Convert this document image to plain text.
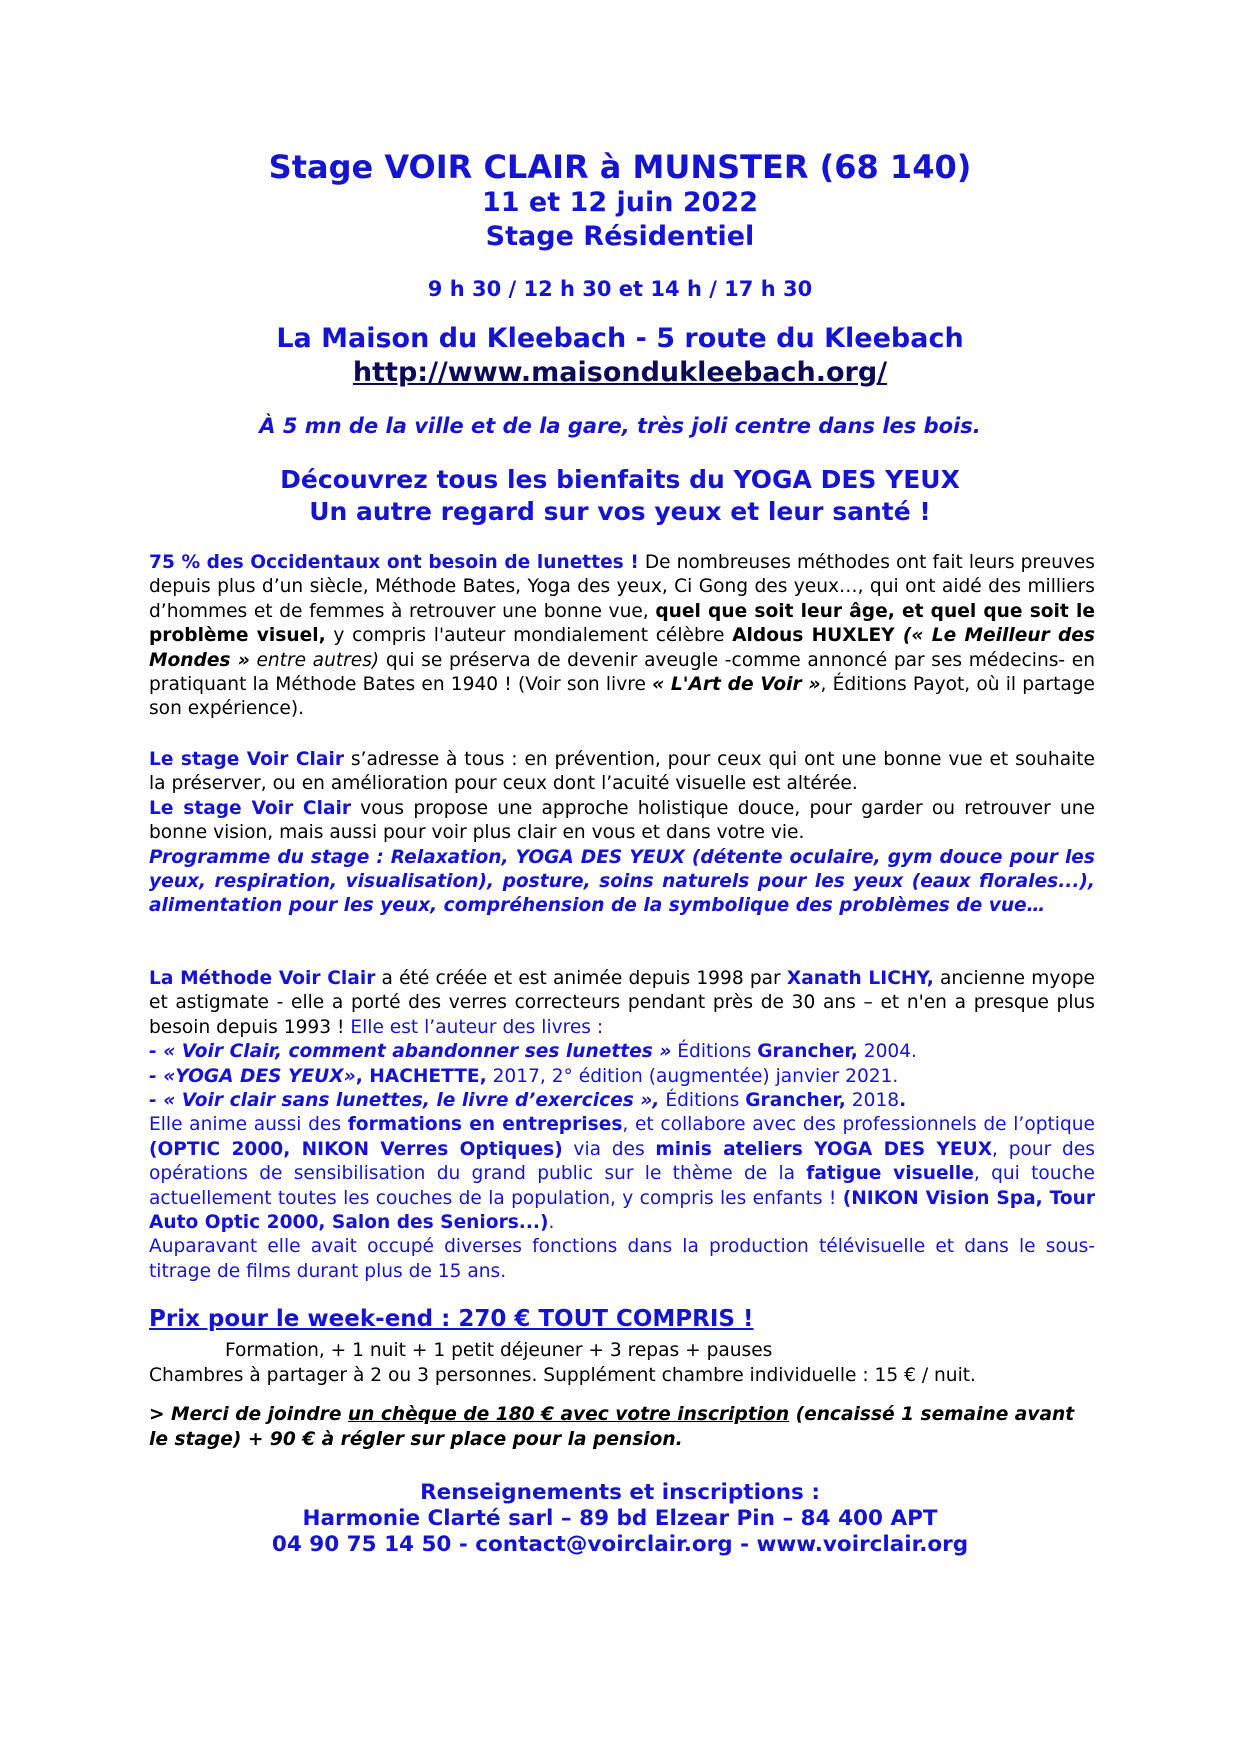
Stage VOIR CLAIR à MUNSTER (68 140)
11 et 12 juin 2022
Stage Résidentiel
9 h 30 / 12 h 30 et 14 h / 17 h 30
La Maison du Kleebach - 5 route du Kleebach
http://www.maisondukleebach.org/
À 5 mn de la ville et de la gare, très joli centre dans les bois.
Découvrez tous les bienfaits du YOGA DES YEUX
Un autre regard sur vos yeux et leur santé !
75 % des Occidentaux ont besoin de lunettes ! De nombreuses méthodes ont fait leurs preuves depuis plus d’un siècle, Méthode Bates, Yoga des yeux, Ci Gong des yeux…, qui ont aidé des milliers d’hommes et de femmes à retrouver une bonne vue, quel que soit leur âge, et quel que soit le problème visuel, y compris l'auteur mondialement célèbre Aldous HUXLEY (« Le Meilleur des Mondes » entre autres) qui se préserva de devenir aveugle -comme annoncé par ses médecins- en pratiquant la Méthode Bates en 1940 ! (Voir son livre « L'Art de Voir », Éditions Payot, où il partage son expérience).
Le stage Voir Clair s’adresse à tous : en prévention, pour ceux qui ont une bonne vue et souhaite la préserver, ou en amélioration pour ceux dont l’acuité visuelle est altérée.
Le stage Voir Clair vous propose une approche holistique douce, pour garder ou retrouver une bonne vision, mais aussi pour voir plus clair en vous et dans votre vie.
Programme du stage : Relaxation, YOGA DES YEUX (détente oculaire, gym douce pour les yeux, respiration, visualisation), posture, soins naturels pour les yeux (eaux florales...), alimentation pour les yeux, compréhension de la symbolique des problèmes de vue…
La Méthode Voir Clair a été créée et est animée depuis 1998 par Xanath LICHY, ancienne myope et astigmate - elle a porté des verres correcteurs pendant près de 30 ans – et n'en a presque plus besoin depuis 1993 ! Elle est l’auteur des livres :
- « Voir Clair, comment abandonner ses lunettes » Éditions Grancher, 2004.
- «YOGA DES YEUX», HACHETTE, 2017, 2° édition (augmentée) janvier 2021.
- « Voir clair sans lunettes, le livre d’exercices », Éditions Grancher, 2018.
Elle anime aussi des formations en entreprises, et collabore avec des professionnels de l’optique (OPTIC 2000, NIKON Verres Optiques) via des minis ateliers YOGA DES YEUX, pour des opérations de sensibilisation du grand public sur le thème de la fatigue visuelle, qui touche actuellement toutes les couches de la population, y compris les enfants ! (NIKON Vision Spa, Tour Auto Optic 2000, Salon des Seniors...).
Auparavant elle avait occupé diverses fonctions dans la production télévisuelle et dans le sous-titrage de films durant plus de 15 ans.
Prix pour le week-end : 270 € TOUT COMPRIS !
Formation, + 1 nuit + 1 petit déjeuner + 3 repas + pauses
Chambres à partager à 2 ou 3 personnes. Supplément chambre individuelle : 15 € / nuit.
> Merci de joindre un chèque de 180 € avec votre inscription (encaissé 1 semaine avant le stage) + 90 € à régler sur place pour la pension.
Renseignements et inscriptions :
Harmonie Clarté sarl – 89 bd Elzear Pin – 84 400 APT
04 90 75 14 50 - contact@voirclair.org - www.voirclair.org
